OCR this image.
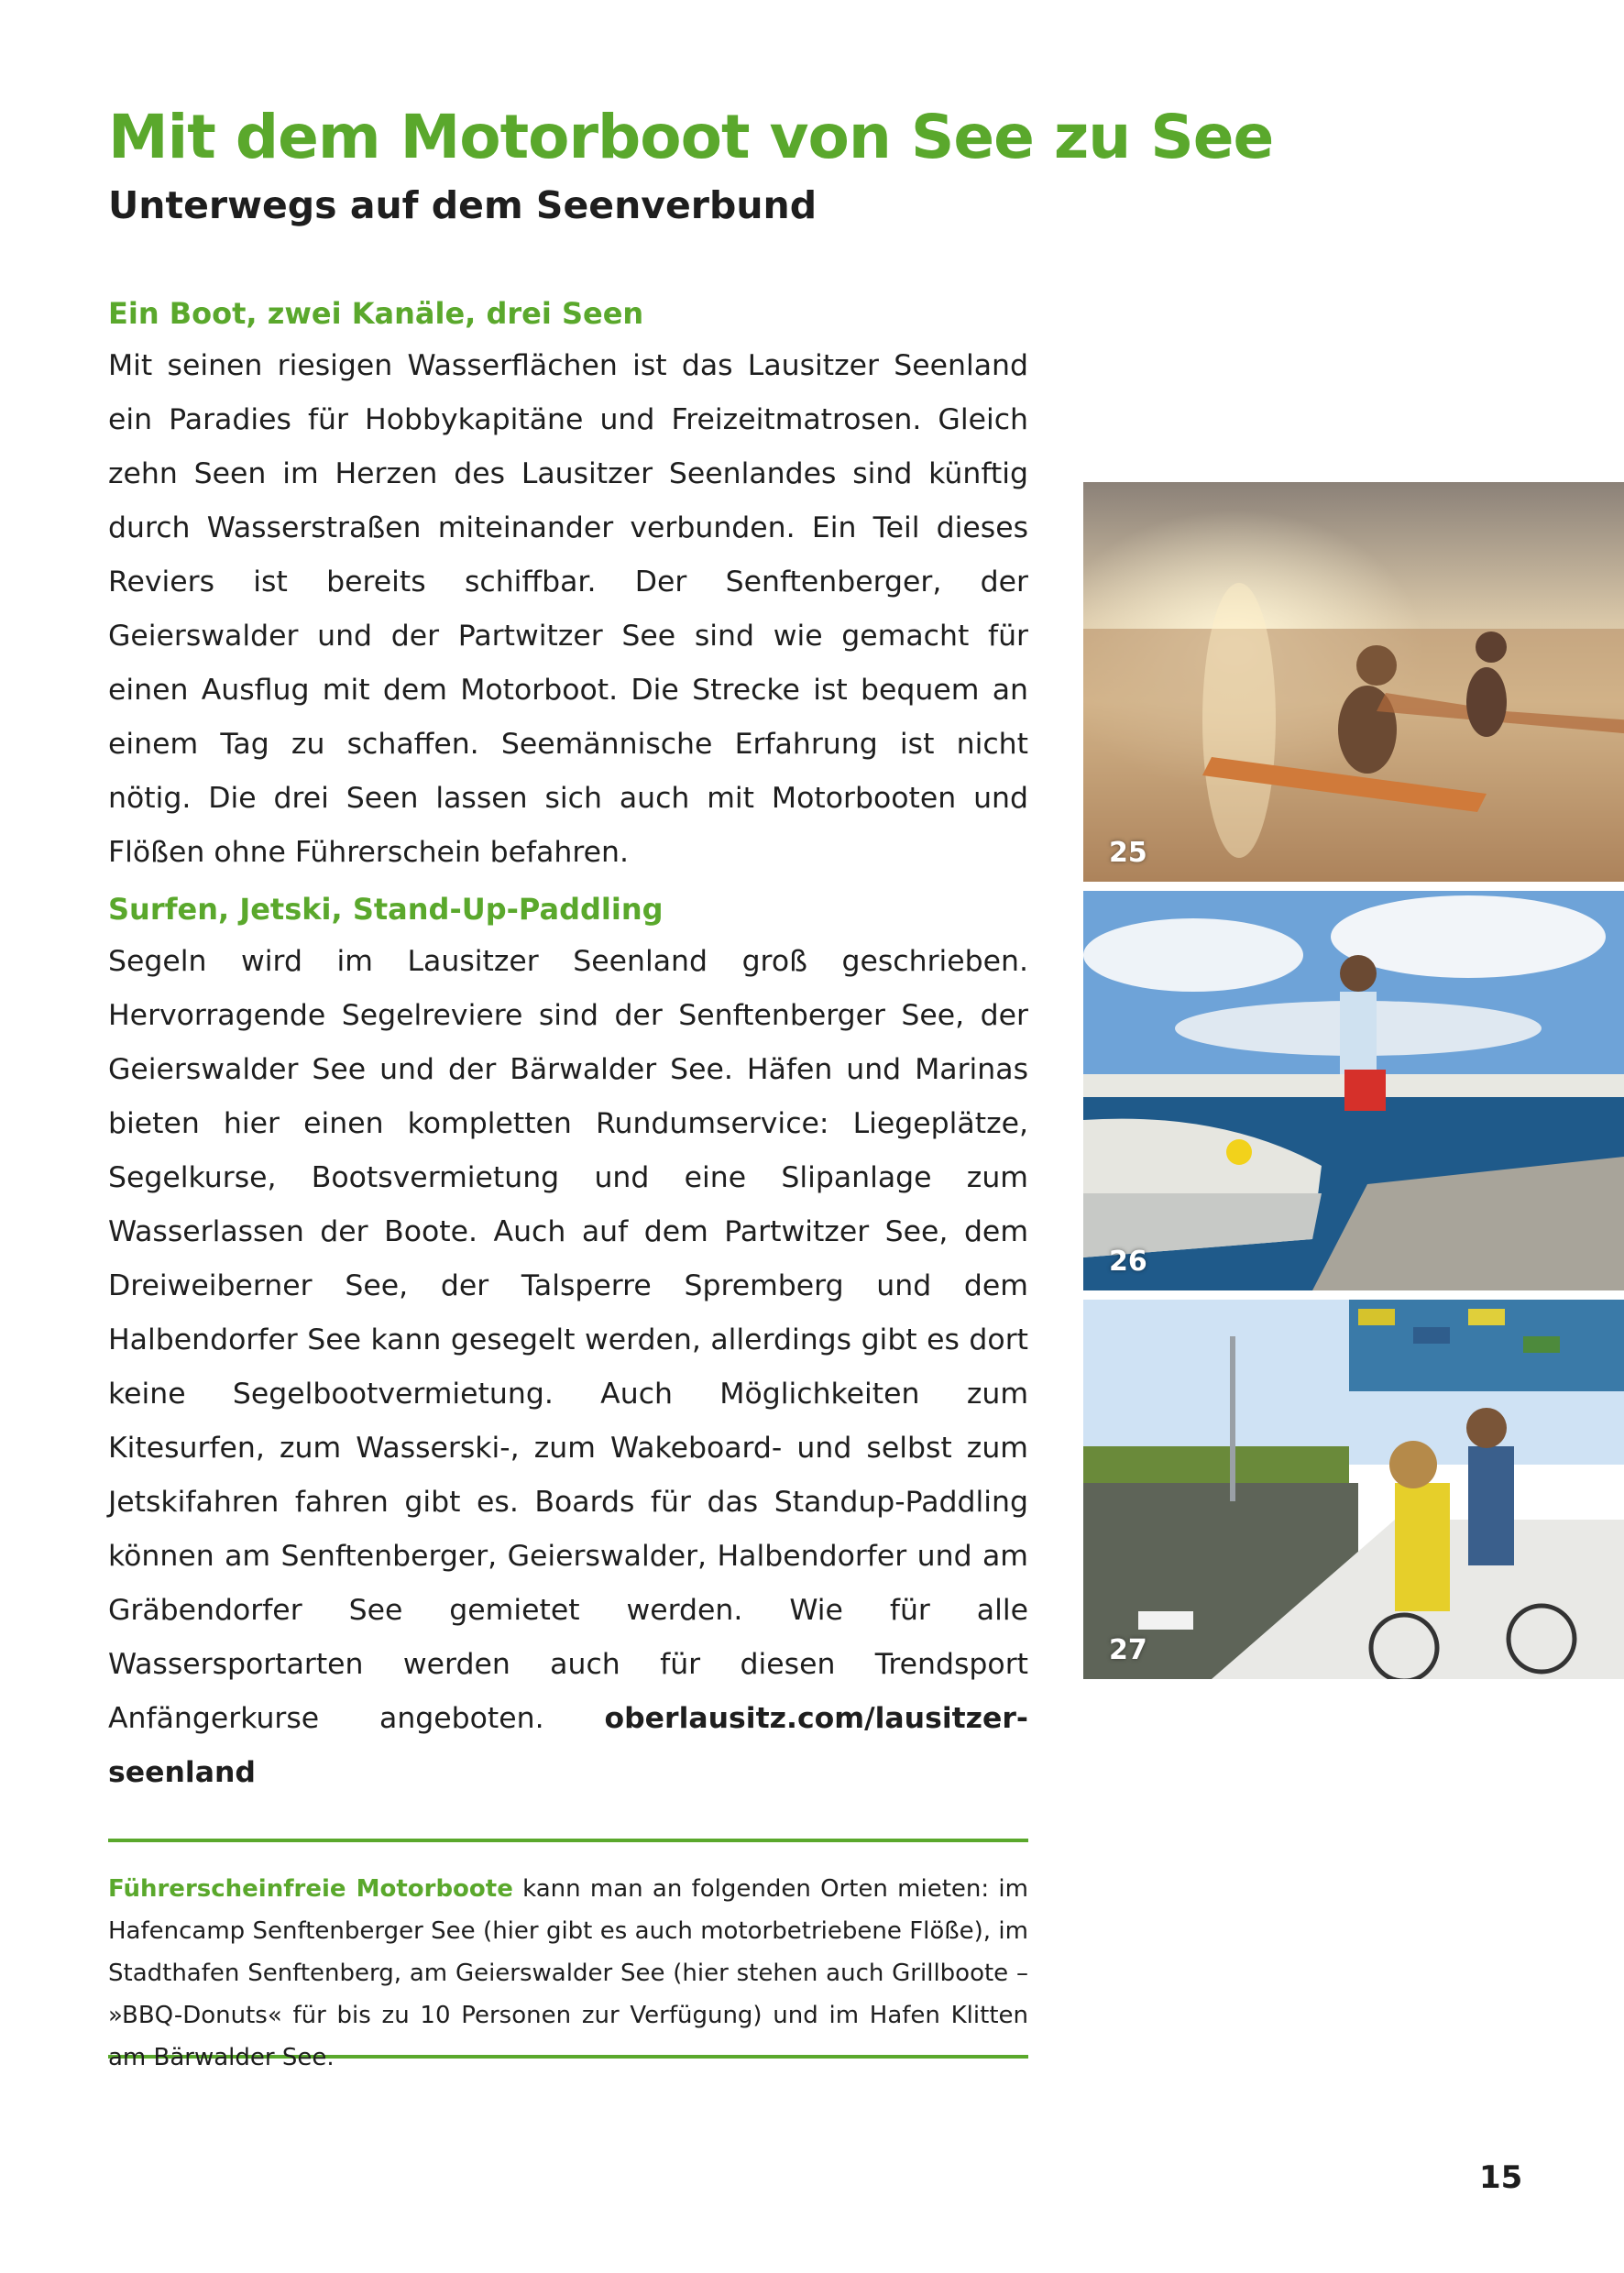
Mit dem Motorboot von See zu See
Unterwegs auf dem Seenverbund
Ein Boot, zwei Kanäle, drei Seen

Mit seinen riesigen Wasserflächen ist das Lausitzer Seenland ein Paradies für Hobbykapitäne und Freizeitmatrosen. Gleich zehn Seen im Herzen des Lausitzer Seenlandes sind künftig durch Wasserstraßen miteinander verbunden. Ein Teil dieses Reviers ist bereits schiffbar. Der Senftenberger, der Geierswalder und der Partwitzer See sind wie gemacht für einen Ausflug mit dem Motorboot. Die Strecke ist bequem an einem Tag zu schaffen. Seemännische Erfahrung ist nicht nötig. Die drei Seen lassen sich auch mit Motorbooten und Flößen ohne Führerschein befahren.

Surfen, Jetski, Stand-Up-Paddling

Segeln wird im Lausitzer Seenland groß geschrieben. Hervorragende Segelreviere sind der Senftenberger See, der Geierswalder See und der Bärwalder See. Häfen und Marinas bieten hier einen kompletten Rundumservice: Liegeplätze, Segelkurse, Bootsvermietung und eine Slipanlage zum Wasserlassen der Boote. Auch auf dem Partwitzer See, dem Dreiweiberner See, der Talsperre Spremberg und dem Halbendorfer See kann gesegelt werden, allerdings gibt es dort keine Segelbootvermietung. Auch Möglichkeiten zum Kitesurfen, zum Wasserski-, zum Wakeboard- und selbst zum Jetskifahren fahren gibt es. Boards für das Standup-Paddling können am Senftenberger, Geierswalder, Halbendorfer und am Gräbendorfer See gemietet werden. Wie für alle Wassersportarten werden auch für diesen Trendsport Anfängerkurse angeboten. oberlausitz.com/lausitzer-seenland

25
26
27

Führerscheinfreie Motorboote kann man an folgenden Orten mieten: im Hafencamp Senftenberger See (hier gibt es auch motorbetriebene Flöße), im Stadthafen Senftenberg, am Geierswalder See (hier stehen auch Grillboote – »BBQ-Donuts« für bis zu 10 Personen zur Verfügung) und im Hafen Klitten am Bärwalder See.

15
